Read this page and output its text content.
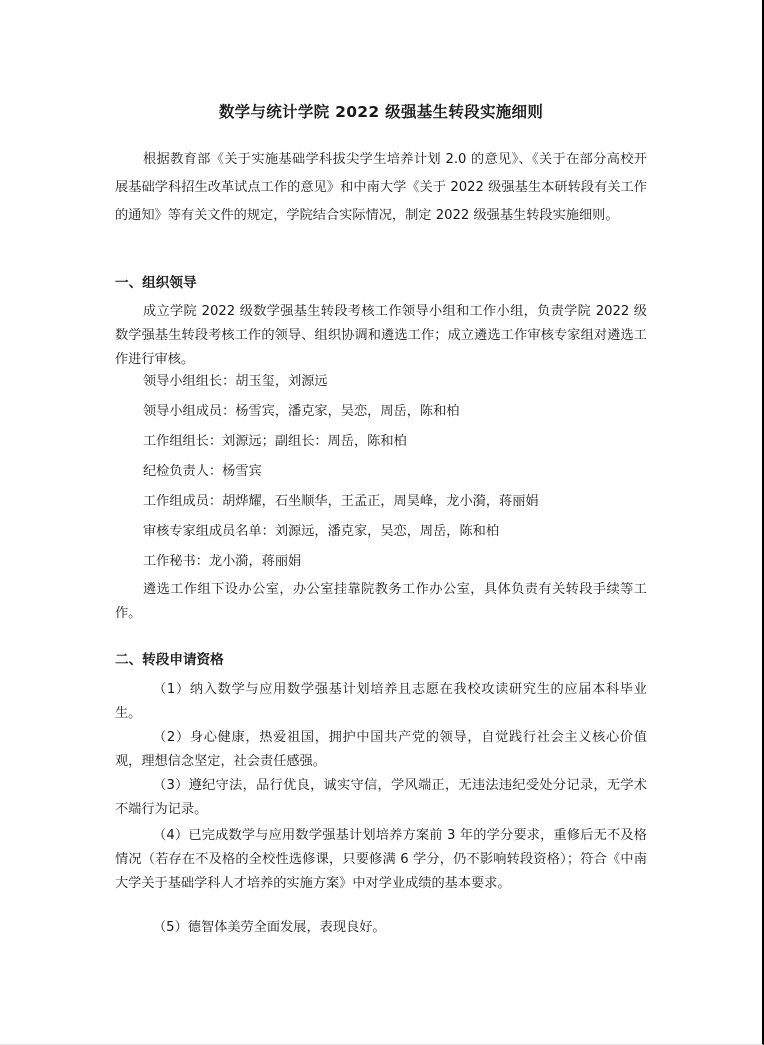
数学与统计学院 2022 级强基生转段实施细则

根据教育部《关于实施基础学科拔尖学生培养计划 2.0 的意见》、《关于在部分高校开展基础学科招生改革试点工作的意见》和中南大学《关于 2022 级强基生本研转段有关工作的通知》等有关文件的规定，学院结合实际情况，制定 2022 级强基生转段实施细则。

一、组织领导

成立学院 2022 级数学强基生转段考核工作领导小组和工作小组，负责学院 2022 级数学强基生转段考核工作的领导、组织协调和遴选工作；成立遴选工作审核专家组对遴选工作进行审核。

领导小组组长：胡玉玺，刘源远

领导小组成员：杨雪宾，潘克家，吴恋，周岳，陈和柏

工作组组长：刘源远；副组长：周岳，陈和柏

纪检负责人：杨雪宾

工作组成员：胡烨耀，石坐顺华，王孟正，周昊峰，龙小漪，蒋丽娟

审核专家组成员名单：刘源远，潘克家，吴恋，周岳，陈和柏

工作秘书：龙小漪，蒋丽娟

遴选工作组下设办公室，办公室挂靠院教务工作办公室，具体负责有关转段手续等工作。

二、转段申请资格

（1）纳入数学与应用数学强基计划培养且志愿在我校攻读研究生的应届本科毕业生。

（2）身心健康，热爱祖国，拥护中国共产党的领导，自觉践行社会主义核心价值观，理想信念坚定，社会责任感强。

（3）遵纪守法，品行优良，诚实守信，学风端正，无违法违纪受处分记录，无学术不端行为记录。

（4）已完成数学与应用数学强基计划培养方案前 3 年的学分要求，重修后无不及格情况（若存在不及格的全校性选修课，只要修满 6 学分，仍不影响转段资格）；符合《中南大学关于基础学科人才培养的实施方案》中对学业成绩的基本要求。

（5）德智体美劳全面发展，表现良好。
